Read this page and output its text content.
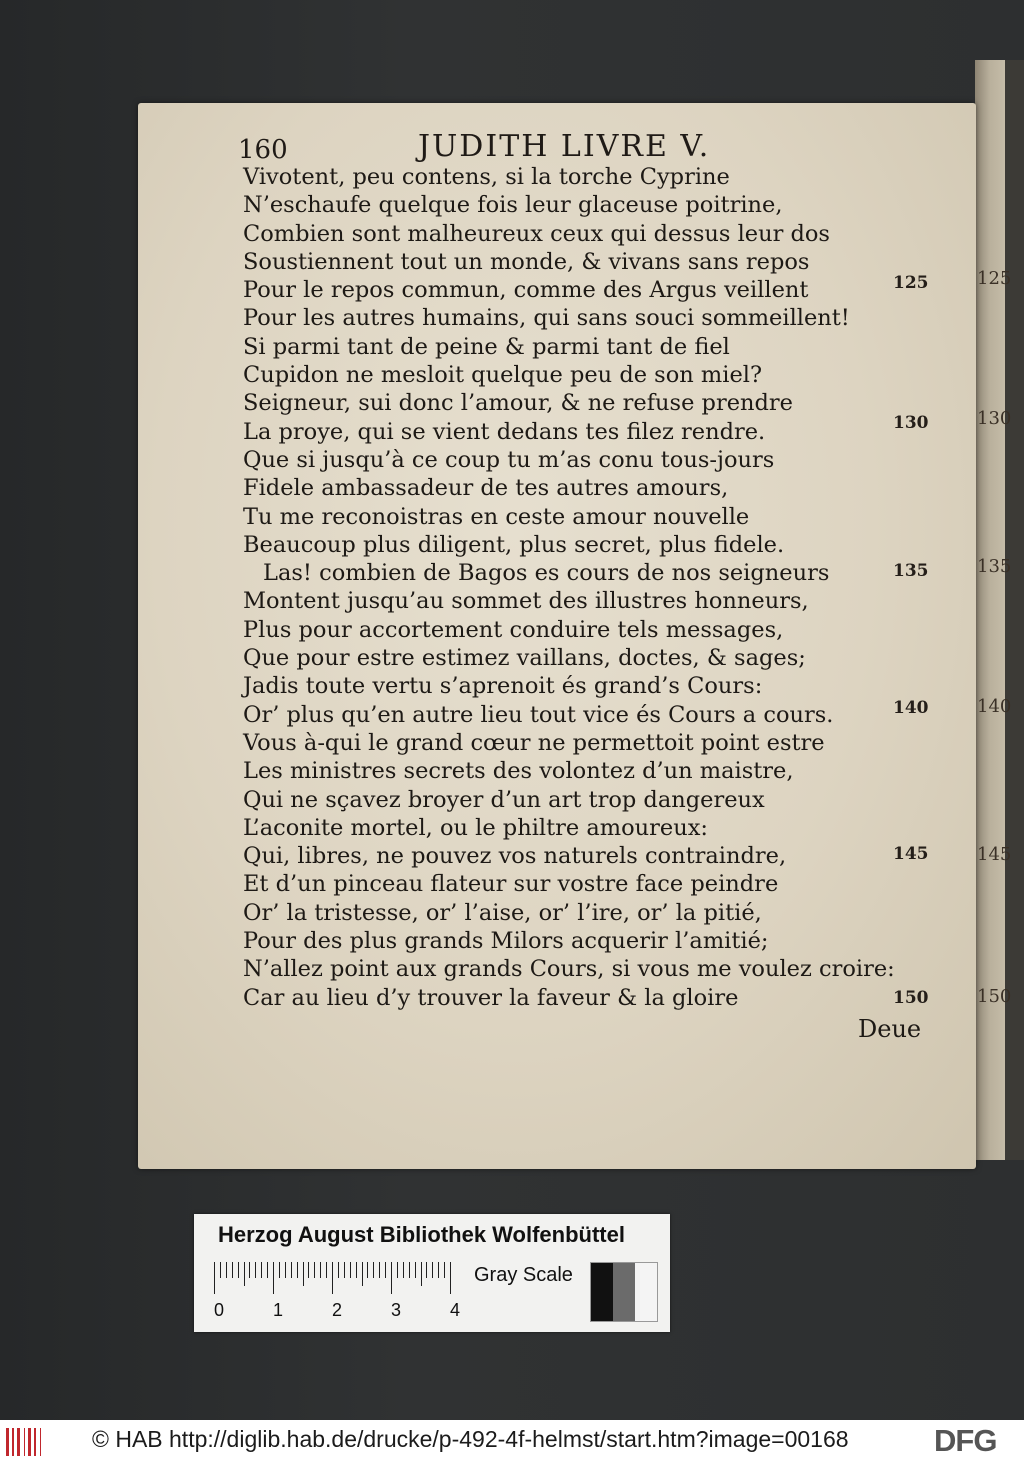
125
130
135
140
145
150
160	JUDITH LIVRE V.
Vivotent, peu contens, si la torche Cyprine
N’eschaufe quelque fois leur glaceuse poitrine,
Combien sont malheureux ceux qui dessus leur dos
Soustiennent tout un monde, & vivans sans repos
Pour le repos commun, comme des Argus veillent
Pour les autres humains, qui sans souci sommeillent!
Si parmi tant de peine & parmi tant de fiel
Cupidon ne mesloit quelque peu de son miel?
Seigneur, sui donc l’amour, & ne refuse prendre
La proye, qui se vient dedans tes filez rendre.
Que si jusqu’à ce coup tu m’as conu tous-jours
Fidele ambassadeur de tes autres amours,
Tu me reconoistras en ceste amour nouvelle
Beaucoup plus diligent, plus secret, plus fidele.
Las! combien de Bagos es cours de nos seigneurs
Montent jusqu’au sommet des illustres honneurs,
Plus pour accortement conduire tels messages,
Que pour estre estimez vaillans, doctes, & sages;
Jadis toute vertu s’aprenoit és grand’s Cours:
Or’ plus qu’en autre lieu tout vice és Cours a cours.
Vous à-qui le grand cœur ne permettoit point estre
Les ministres secrets des volontez d’un maistre,
Qui ne sçavez broyer d’un art trop dangereux
L’aconite mortel, ou le philtre amoureux:
Qui, libres, ne pouvez vos naturels contraindre,
Et d’un pinceau flateur sur vostre face peindre
Or’ la tristesse, or’ l’aise, or’ l’ire, or’ la pitié,
Pour des plus grands Milors acquerir l’amitié;
N’allez point aux grands Cours, si vous me voulez croire:
Car au lieu d’y trouver la faveur & la gloire
125
130
135
140
145
150
Deue
Herzog August Bibliothek Wolfenbüttel
0	1	2	3	4
Gray Scale
© HAB http://diglib.hab.de/drucke/p-492-4f-helmst/start.htm?image=00168	DFG
